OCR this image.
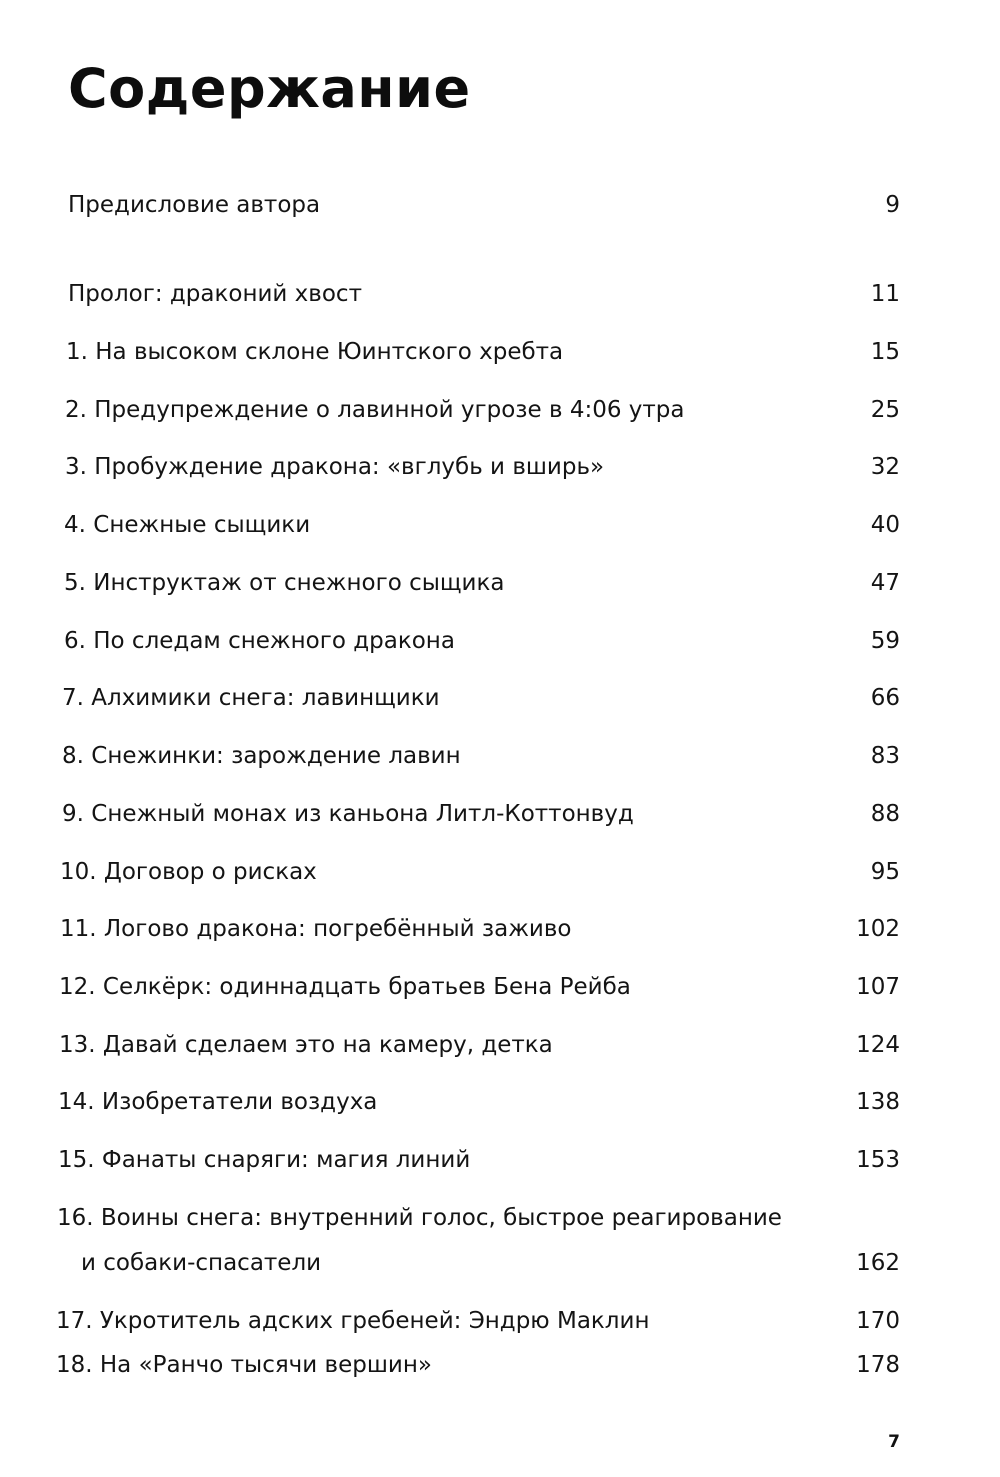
Содержание
Предисловие автора	9
Пролог: драконий хвост	11
1. На высоком склоне Юинтского хребта	15
2. Предупреждение о лавинной угрозе в 4:06 утра	25
3. Пробуждение дракона: «вглубь и вширь»	32
4. Снежные сыщики	40
5. Инструктаж от снежного сыщика	47
6. По следам снежного дракона	59
7. Алхимики снега: лавинщики	66
8. Снежинки: зарождение лавин	83
9. Снежный монах из каньона Литл-Коттонвуд	88
10. Договор о рисках	95
11. Логово дракона: погребённый заживо	102
12. Селкёрк: одиннадцать братьев Бена Рейба	107
13. Давай сделаем это на камеру, детка	124
14. Изобретатели воздуха	138
15. Фанаты снаряги: магия линий	153
16. Воины снега: внутренний голос, быстрое реагирование
и собаки-спасатели	162
17. Укротитель адских гребеней: Эндрю Маклин	170
18. На «Ранчо тысячи вершин»	178
7
